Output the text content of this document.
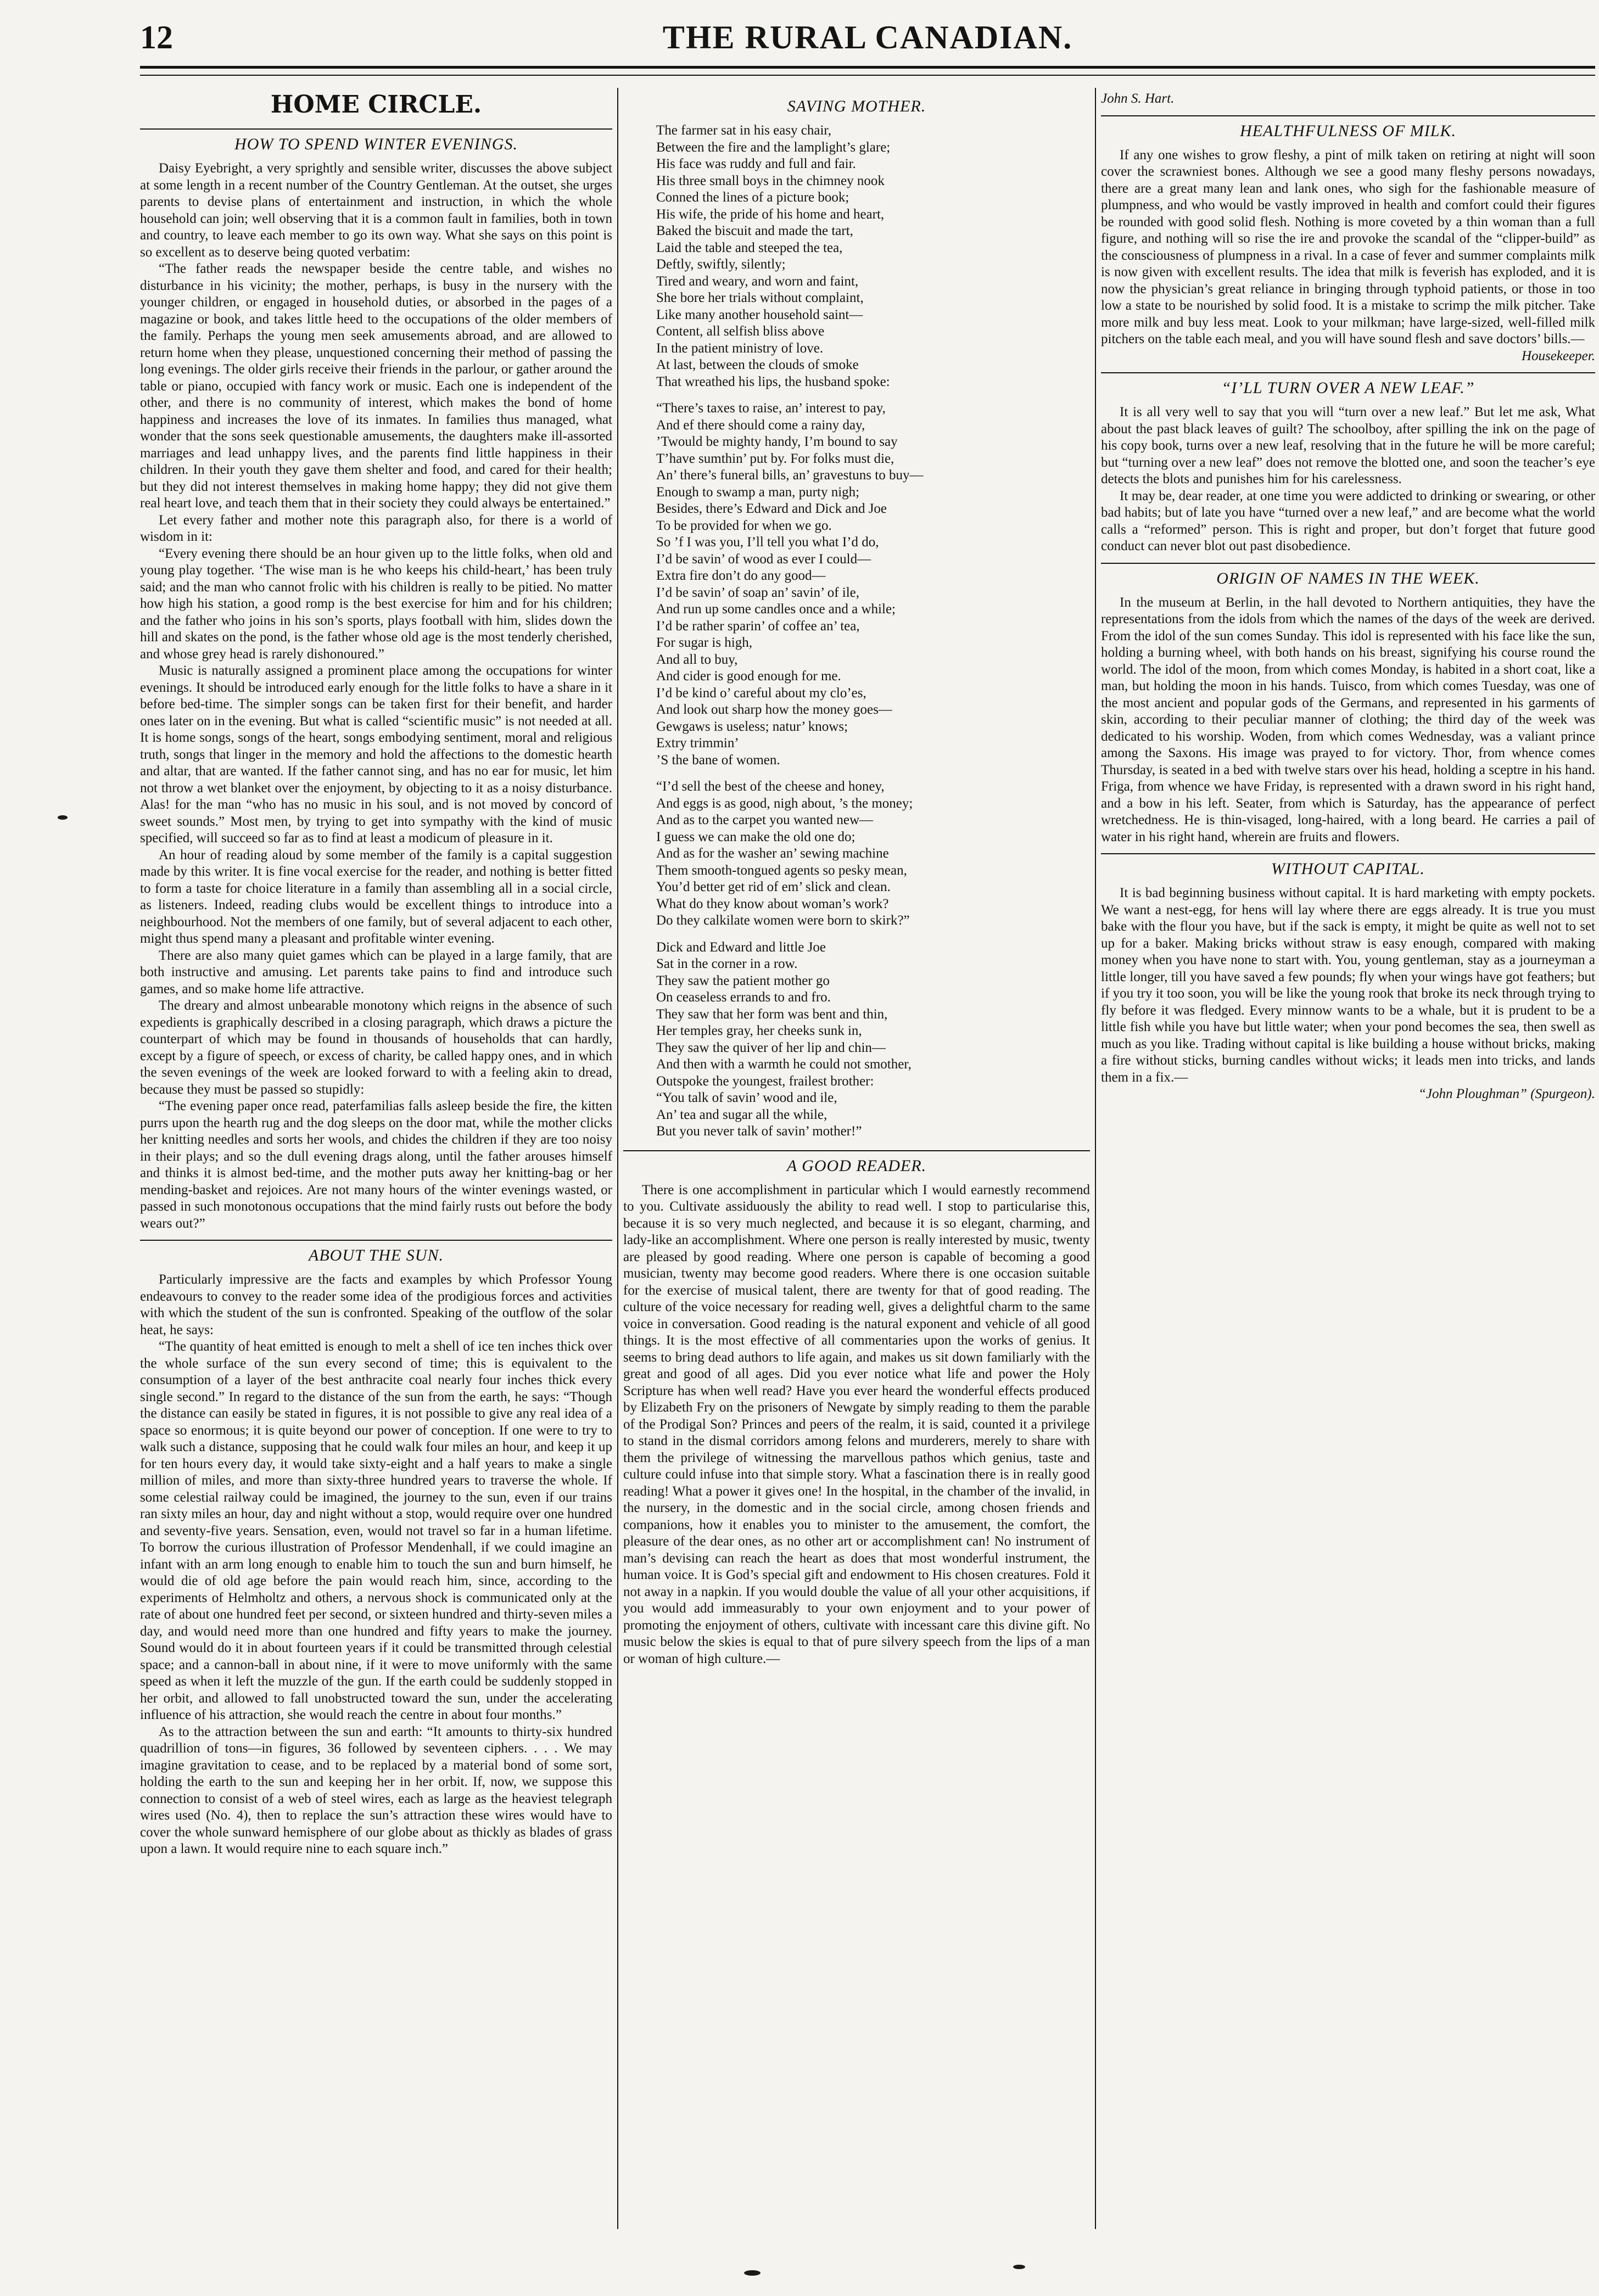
12	THE RURAL CANADIAN.
HOME CIRCLE.
HOW TO SPEND WINTER EVENINGS.

Daisy Eyebright, a very sprightly and sensible writer, discusses the above subject at some length in a recent number of the Country Gentleman. At the outset, she urges parents to devise plans of entertainment and instruction, in which the whole household can join; well observing that it is a common fault in families, both in town and country, to leave each member to go its own way. What she says on this point is so excellent as to deserve being quoted verbatim:

“The father reads the newspaper beside the centre table, and wishes no disturbance in his vicinity; the mother, perhaps, is busy in the nursery with the younger children, or engaged in household duties, or absorbed in the pages of a magazine or book, and takes little heed to the occupations of the older members of the family. Perhaps the young men seek amusements abroad, and are allowed to return home when they please, unquestioned concerning their method of passing the long evenings. The older girls receive their friends in the parlour, or gather around the table or piano, occupied with fancy work or music. Each one is independent of the other, and there is no community of interest, which makes the bond of home happiness and increases the love of its inmates. In families thus managed, what wonder that the sons seek questionable amusements, the daughters make ill-assorted marriages and lead unhappy lives, and the parents find little happiness in their children. In their youth they gave them shelter and food, and cared for their health; but they did not interest themselves in making home happy; they did not give them real heart love, and teach them that in their society they could always be entertained.”

Let every father and mother note this paragraph also, for there is a world of wisdom in it:

“Every evening there should be an hour given up to the little folks, when old and young play together. ‘The wise man is he who keeps his child-heart,’ has been truly said; and the man who cannot frolic with his children is really to be pitied. No matter how high his station, a good romp is the best exercise for him and for his children; and the father who joins in his son’s sports, plays football with him, slides down the hill and skates on the pond, is the father whose old age is the most tenderly cherished, and whose grey head is rarely dishonoured.”

Music is naturally assigned a prominent place among the occupations for winter evenings. It should be introduced early enough for the little folks to have a share in it before bed-time. The simpler songs can be taken first for their benefit, and harder ones later on in the evening. But what is called “scientific music” is not needed at all. It is home songs, songs of the heart, songs embodying sentiment, moral and religious truth, songs that linger in the memory and hold the affections to the domestic hearth and altar, that are wanted. If the father cannot sing, and has no ear for music, let him not throw a wet blanket over the enjoyment, by objecting to it as a noisy disturbance. Alas! for the man “who has no music in his soul, and is not moved by concord of sweet sounds.” Most men, by trying to get into sympathy with the kind of music specified, will succeed so far as to find at least a modicum of pleasure in it.

An hour of reading aloud by some member of the family is a capital suggestion made by this writer. It is fine vocal exercise for the reader, and nothing is better fitted to form a taste for choice literature in a family than assembling all in a social circle, as listeners. Indeed, reading clubs would be excellent things to introduce into a neighbourhood. Not the members of one family, but of several adjacent to each other, might thus spend many a pleasant and profitable winter evening.

There are also many quiet games which can be played in a large family, that are both instructive and amusing. Let parents take pains to find and introduce such games, and so make home life attractive.

The dreary and almost unbearable monotony which reigns in the absence of such expedients is graphically described in a closing paragraph, which draws a picture the counterpart of which may be found in thousands of households that can hardly, except by a figure of speech, or excess of charity, be called happy ones, and in which the seven evenings of the week are looked forward to with a feeling akin to dread, because they must be passed so stupidly:

“The evening paper once read, paterfamilias falls asleep beside the fire, the kitten purrs upon the hearth rug and the dog sleeps on the door mat, while the mother clicks her knitting needles and sorts her wools, and chides the children if they are too noisy in their plays; and so the dull evening drags along, until the father arouses himself and thinks it is almost bed-time, and the mother puts away her knitting-bag or her mending-basket and rejoices. Are not many hours of the winter evenings wasted, or passed in such monotonous occupations that the mind fairly rusts out before the body wears out?”

ABOUT THE SUN.

Particularly impressive are the facts and examples by which Professor Young endeavours to convey to the reader some idea of the prodigious forces and activities with which the student of the sun is confronted. Speaking of the outflow of the solar heat, he says:

“The quantity of heat emitted is enough to melt a shell of ice ten inches thick over the whole surface of the sun every second of time; this is equivalent to the consumption of a layer of the best anthracite coal nearly four inches thick every single second.” In regard to the distance of the sun from the earth, he says: “Though the distance can easily be stated in figures, it is not possible to give any real idea of a space so enormous; it is quite beyond our power of conception. If one were to try to walk such a distance, supposing that he could walk four miles an hour, and keep it up for ten hours every day, it would take sixty-eight and a half years to make a single million of miles, and more than sixty-three hundred years to traverse the whole. If some celestial railway could be imagined, the journey to the sun, even if our trains ran sixty miles an hour, day and night without a stop, would require over one hundred and seventy-five years. Sensation, even, would not travel so far in a human lifetime. To borrow the curious illustration of Professor Mendenhall, if we could imagine an infant with an arm long enough to enable him to touch the sun and burn himself, he would die of old age before the pain would reach him, since, according to the experiments of Helmholtz and others, a nervous shock is communicated only at the rate of about one hundred feet per second, or sixteen hundred and thirty-seven miles a day, and would need more than one hundred and fifty years to make the journey. Sound would do it in about fourteen years if it could be transmitted through celestial space; and a cannon-ball in about nine, if it were to move uniformly with the same speed as when it left the muzzle of the gun. If the earth could be suddenly stopped in her orbit, and allowed to fall unobstructed toward the sun, under the accelerating influence of his attraction, she would reach the centre in about four months.”

As to the attraction between the sun and earth: “It amounts to thirty-six hundred quadrillion of tons—in figures, 36 followed by seventeen ciphers. . . . We may imagine gravitation to cease, and to be replaced by a material bond of some sort, holding the earth to the sun and keeping her in her orbit. If, now, we suppose this connection to consist of a web of steel wires, each as large as the heaviest telegraph wires used (No. 4), then to replace the sun’s attraction these wires would have to cover the whole sunward hemisphere of our globe about as thickly as blades of grass upon a lawn. It would require nine to each square inch.”

SAVING MOTHER.
The farmer sat in his easy chair,
Between the fire and the lamplight’s glare;
His face was ruddy and full and fair.
His three small boys in the chimney nook
Conned the lines of a picture book;
His wife, the pride of his home and heart,
Baked the biscuit and made the tart,
Laid the table and steeped the tea,
Deftly, swiftly, silently;
Tired and weary, and worn and faint,
She bore her trials without complaint,
Like many another household saint—
Content, all selfish bliss above
In the patient ministry of love.
At last, between the clouds of smoke
That wreathed his lips, the husband spoke:
“There’s taxes to raise, an’ interest to pay,
And ef there should come a rainy day,
’Twould be mighty handy, I’m bound to say
T’have sumthin’ put by. For folks must die,
An’ there’s funeral bills, an’ gravestuns to buy—
Enough to swamp a man, purty nigh;
Besides, there’s Edward and Dick and Joe
To be provided for when we go.
So ’f I was you, I’ll tell you what I’d do,
I’d be savin’ of wood as ever I could—
Extra fire don’t do any good—
I’d be savin’ of soap an’ savin’ of ile,
And run up some candles once and a while;
I’d be rather sparin’ of coffee an’ tea,
For sugar is high,
And all to buy,
And cider is good enough for me.
I’d be kind o’ careful about my clo’es,
And look out sharp how the money goes—
Gewgaws is useless; natur’ knows;
Extry trimmin’
’S the bane of women.
“I’d sell the best of the cheese and honey,
And eggs is as good, nigh about, ’s the money;
And as to the carpet you wanted new—
I guess we can make the old one do;
And as for the washer an’ sewing machine
Them smooth-tongued agents so pesky mean,
You’d better get rid of em’ slick and clean.
What do they know about woman’s work?
Do they calkilate women were born to skirk?”
Dick and Edward and little Joe
Sat in the corner in a row.
They saw the patient mother go
On ceaseless errands to and fro.
They saw that her form was bent and thin,
Her temples gray, her cheeks sunk in,
They saw the quiver of her lip and chin—
And then with a warmth he could not smother,
Outspoke the youngest, frailest brother:
“You talk of savin’ wood and ile,
An’ tea and sugar all the while,
But you never talk of savin’ mother!”
A GOOD READER.

There is one accomplishment in particular which I would earnestly recommend to you. Cultivate assiduously the ability to read well. I stop to particularise this, because it is so very much neglected, and because it is so elegant, charming, and lady-like an accomplishment. Where one person is really interested by music, twenty are pleased by good reading. Where one person is capable of becoming a good musician, twenty may become good readers. Where there is one occasion suitable for the exercise of musical talent, there are twenty for that of good reading. The culture of the voice necessary for reading well, gives a delightful charm to the same voice in conversation. Good reading is the natural exponent and vehicle of all good things. It is the most effective of all commentaries upon the works of genius. It seems to bring dead authors to life again, and makes us sit down familiarly with the great and good of all ages. Did you ever notice what life and power the Holy Scripture has when well read? Have you ever heard the wonderful effects produced by Elizabeth Fry on the prisoners of Newgate by simply reading to them the parable of the Prodigal Son? Princes and peers of the realm, it is said, counted it a privilege to stand in the dismal corridors among felons and murderers, merely to share with them the privilege of witnessing the marvellous pathos which genius, taste and culture could infuse into that simple story. What a fascination there is in really good reading! What a power it gives one! In the hospital, in the chamber of the invalid, in the nursery, in the domestic and in the social circle, among chosen friends and companions, how it enables you to minister to the amusement, the comfort, the pleasure of the dear ones, as no other art or accomplishment can! No instrument of man’s devising can reach the heart as does that most wonderful instrument, the human voice. It is God’s special gift and endowment to His chosen creatures. Fold it not away in a napkin. If you would double the value of all your other acquisitions, if you would add immeasurably to your own enjoyment and to your power of promoting the enjoyment of others, cultivate with incessant care this divine gift. No music below the skies is equal to that of pure silvery speech from the lips of a man or woman of high culture.—

John S. Hart.

HEALTHFULNESS OF MILK.

If any one wishes to grow fleshy, a pint of milk taken on retiring at night will soon cover the scrawniest bones. Although we see a good many fleshy persons nowadays, there are a great many lean and lank ones, who sigh for the fashionable measure of plumpness, and who would be vastly improved in health and comfort could their figures be rounded with good solid flesh. Nothing is more coveted by a thin woman than a full figure, and nothing will so rise the ire and provoke the scandal of the “clipper-build” as the consciousness of plumpness in a rival. In a case of fever and summer complaints milk is now given with excellent results. The idea that milk is feverish has exploded, and it is now the physician’s great reliance in bringing through typhoid patients, or those in too low a state to be nourished by solid food. It is a mistake to scrimp the milk pitcher. Take more milk and buy less meat. Look to your milkman; have large-sized, well-filled milk pitchers on the table each meal, and you will have sound flesh and save doctors’ bills.—

Housekeeper.

“I’LL TURN OVER A NEW LEAF.”

It is all very well to say that you will “turn over a new leaf.” But let me ask, What about the past black leaves of guilt? The schoolboy, after spilling the ink on the page of his copy book, turns over a new leaf, resolving that in the future he will be more careful; but “turning over a new leaf” does not remove the blotted one, and soon the teacher’s eye detects the blots and punishes him for his carelessness.

It may be, dear reader, at one time you were addicted to drinking or swearing, or other bad habits; but of late you have “turned over a new leaf,” and are become what the world calls a “reformed” person. This is right and proper, but don’t forget that future good conduct can never blot out past disobedience.

ORIGIN OF NAMES IN THE WEEK.

In the museum at Berlin, in the hall devoted to Northern antiquities, they have the representations from the idols from which the names of the days of the week are derived. From the idol of the sun comes Sunday. This idol is represented with his face like the sun, holding a burning wheel, with both hands on his breast, signifying his course round the world. The idol of the moon, from which comes Monday, is habited in a short coat, like a man, but holding the moon in his hands. Tuisco, from which comes Tuesday, was one of the most ancient and popular gods of the Germans, and represented in his garments of skin, according to their peculiar manner of clothing; the third day of the week was dedicated to his worship. Woden, from which comes Wednesday, was a valiant prince among the Saxons. His image was prayed to for victory. Thor, from whence comes Thursday, is seated in a bed with twelve stars over his head, holding a sceptre in his hand. Friga, from whence we have Friday, is represented with a drawn sword in his right hand, and a bow in his left. Seater, from which is Saturday, has the appearance of perfect wretchedness. He is thin-visaged, long-haired, with a long beard. He carries a pail of water in his right hand, wherein are fruits and flowers.

WITHOUT CAPITAL.

It is bad beginning business without capital. It is hard marketing with empty pockets. We want a nest-egg, for hens will lay where there are eggs already. It is true you must bake with the flour you have, but if the sack is empty, it might be quite as well not to set up for a baker. Making bricks without straw is easy enough, compared with making money when you have none to start with. You, young gentleman, stay as a journeyman a little longer, till you have saved a few pounds; fly when your wings have got feathers; but if you try it too soon, you will be like the young rook that broke its neck through trying to fly before it was fledged. Every minnow wants to be a whale, but it is prudent to be a little fish while you have but little water; when your pond becomes the sea, then swell as much as you like. Trading without capital is like building a house without bricks, making a fire without sticks, burning candles without wicks; it leads men into tricks, and lands them in a fix.—

“John Ploughman” (Spurgeon).
